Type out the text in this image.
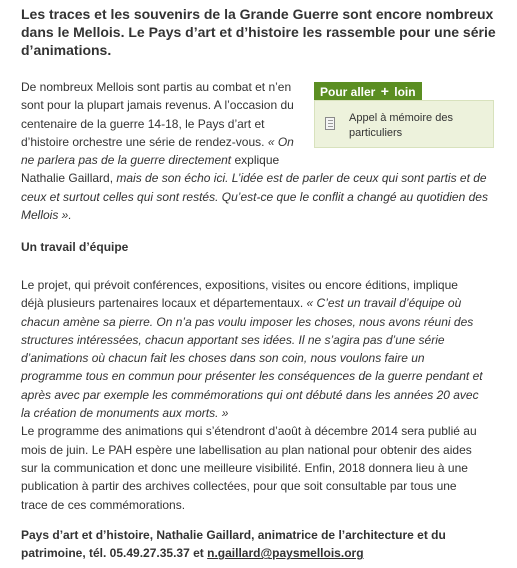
Les traces et les souvenirs de la Grande Guerre sont encore nombreux dans le Mellois. Le Pays d’art et d’histoire les rassemble pour une série d’animations.

Pour aller + loin
Appel à mémoire des particuliers
De nombreux Mellois sont partis au combat et n’en
sont pour la plupart jamais revenus. A l’occasion du
centenaire de la guerre 14-18, le Pays d’art et
d’histoire orchestre une série de rendez-vous. « On
ne parlera pas de la guerre directement explique
Nathalie Gaillard, mais de son écho ici. L’idée est de parler de ceux qui sont partis et de
ceux et surtout celles qui sont restés. Qu’est-ce que le conflit a changé au quotidien des
Mellois ».

Un travail d’équipe

Le projet, qui prévoit conférences, expositions, visites ou encore éditions, implique
déjà plusieurs partenaires locaux et départementaux. « C’est un travail d’équipe où
chacun amène sa pierre. On n’a pas voulu imposer les choses, nous avons réuni des
structures intéressées, chacun apportant ses idées. Il ne s’agira pas d’une série
d’animations où chacun fait les choses dans son coin, nous voulons faire un
programme tous en commun pour présenter les conséquences de la guerre pendant et
après avec par exemple les commémorations qui ont débuté dans les années 20 avec
la création de monuments aux morts. »
Le programme des animations qui s’étendront d’août à décembre 2014 sera publié au
mois de juin. Le PAH espère une labellisation au plan national pour obtenir des aides
sur la communication et donc une meilleure visibilité. Enfin, 2018 donnera lieu à une
publication à partir des archives collectées, pour que soit consultable par tous une
trace de ces commémorations.
Pays d’art et d’histoire, Nathalie Gaillard, animatrice de l’architecture et du
patrimoine, tél. 05.49.27.35.37 et n.gaillard@paysmellois.org
